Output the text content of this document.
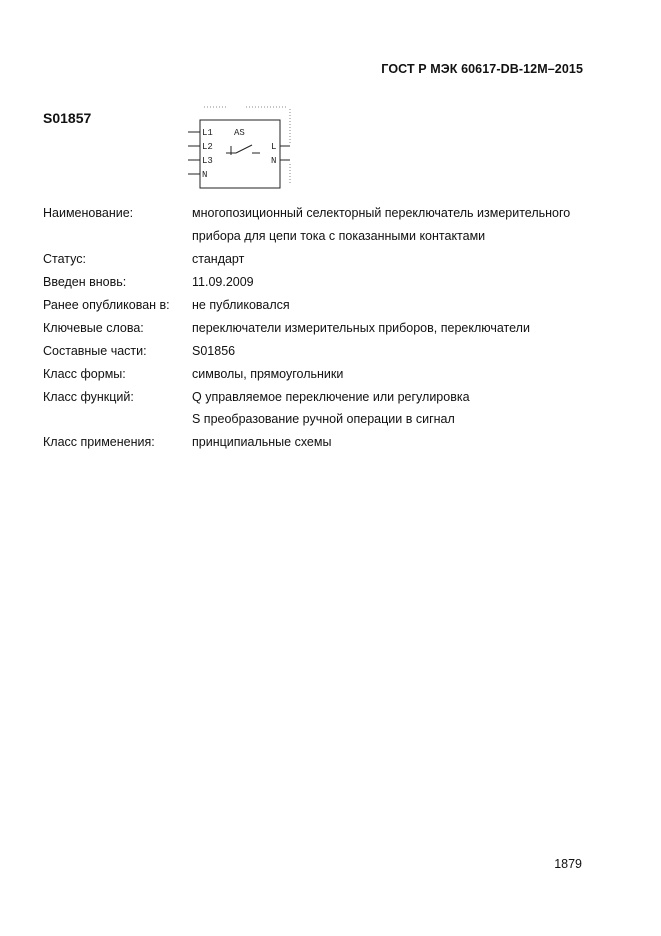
ГОСТ Р МЭК 60617-DB-12M–2015
S01857
L1
L2
L3
N
L
N
AS
Наименование:	многопозиционный селекторный переключатель измерительного
прибора для цепи тока с показанными контактами
Статус:	стандарт
Введен вновь:	11.09.2009
Ранее опубликован в:	не публиковался
Ключевые слова:	переключатели измерительных приборов, переключатели
Составные части:	S01856
Класс формы:	символы, прямоугольники
Класс функций:	Q управляемое переключение или регулировка
S преобразование ручной операции в сигнал
Класс применения:	принципиальные схемы
1879
